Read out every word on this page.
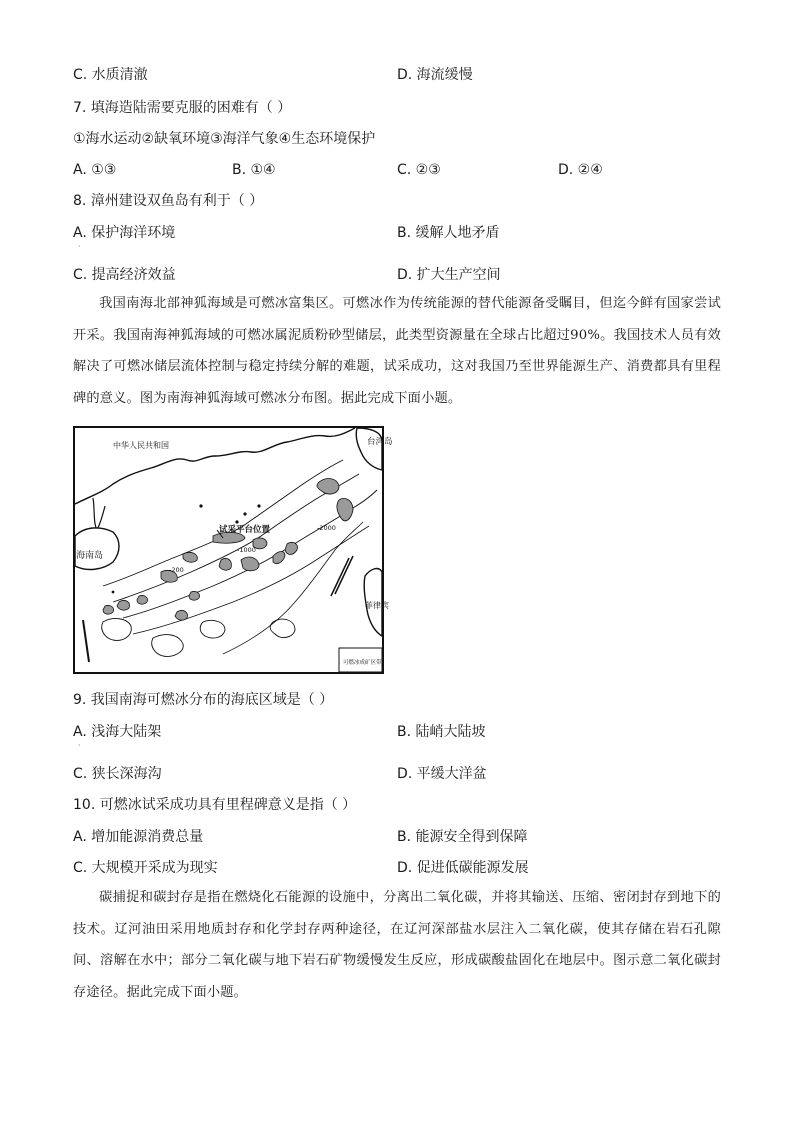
C. 水质清澈	D. 海流缓慢
7. 填海造陆需要克服的困难有（ ）
①海水运动②缺氧环境③海洋气象④生态环境保护
A. ①③	B. ①④	C. ②③	D. ②④
8. 漳州建设双鱼岛有利于（ ）
A. 保护海洋环境
·
B. 缓解人地矛盾
C. 提高经济效益	D. 扩大生产空间
我国南海北部神狐海域是可燃冰富集区。可燃冰作为传统能源的替代能源备受瞩目，但迄今鲜有国家尝试开采。我国南海神狐海域的可燃冰属泥质粉砂型储层，此类型资源量在全球占比超过90%。我国技术人员有效解决了可燃冰储层流体控制与稳定持续分解的难题，试采成功，这对我国乃至世界能源生产、消费都具有里程碑的意义。图为南海神狐海域可燃冰分布图。据此完成下面小题。
中华人民共和国	台湾岛
海南岛
试采平台位置
-1000
-200
-2000
菲律宾
可燃冰成矿区带
9. 我国南海可燃冰分布的海底区域是（ ）
A. 浅海大陆架
·
B. 陆峭大陆坡
C. 狭长深海沟	D. 平缓大洋盆
10. 可燃冰试采成功具有里程碑意义是指（ ）
A. 增加能源消费总量	B. 能源安全得到保障
C. 大规模开采成为现实	D. 促进低碳能源发展
碳捕捉和碳封存是指在燃烧化石能源的设施中，分离出二氧化碳，并将其输送、压缩、密闭封存到地下的技术。辽河油田采用地质封存和化学封存两种途径，在辽河深部盐水层注入二氧化碳，使其存储在岩石孔隙间、溶解在水中；部分二氧化碳与地下岩石矿物缓慢发生反应，形成碳酸盐固化在地层中。图示意二氧化碳封存途径。据此完成下面小题。
